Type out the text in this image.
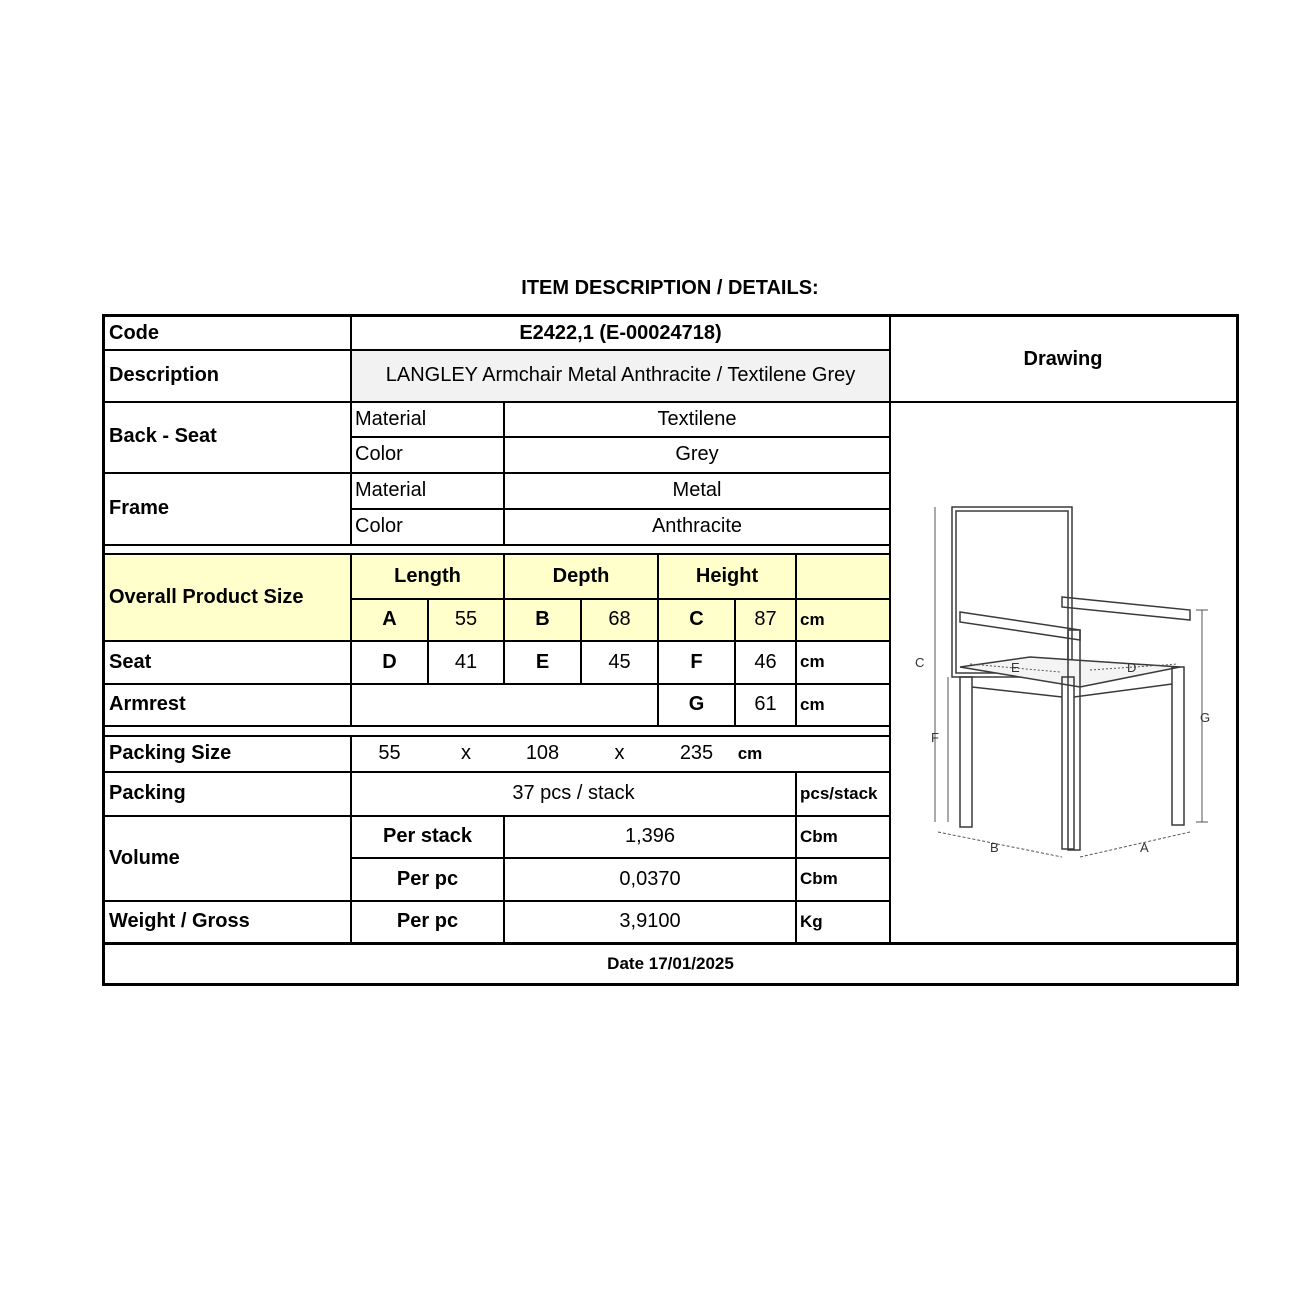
ITEM DESCRIPTION / DETAILS:
Code	E2422,1 (E-00024718)
Description	LANGLEY Armchair Metal Anthracite / Textilene Grey
Drawing
Back - Seat
Material	Textilene
Color	Grey
Frame
Material	Metal
Color	Anthracite
Overall Product Size
Length	Depth	Height
A	55	B	68	C	87	cm
Seat	D	41	E	45	F	46	cm
Armrest	G	61	cm
Packing Size	55	x	108	x	235	cm
Packing	37 pcs / stack	pcs/stack
Volume
Per stack	1,396	Cbm
Per pc	0,0370	Cbm
Weight / Gross	Per pc	3,9100	Kg
Date 17/01/2025
C
F
G
E	D
B	A
